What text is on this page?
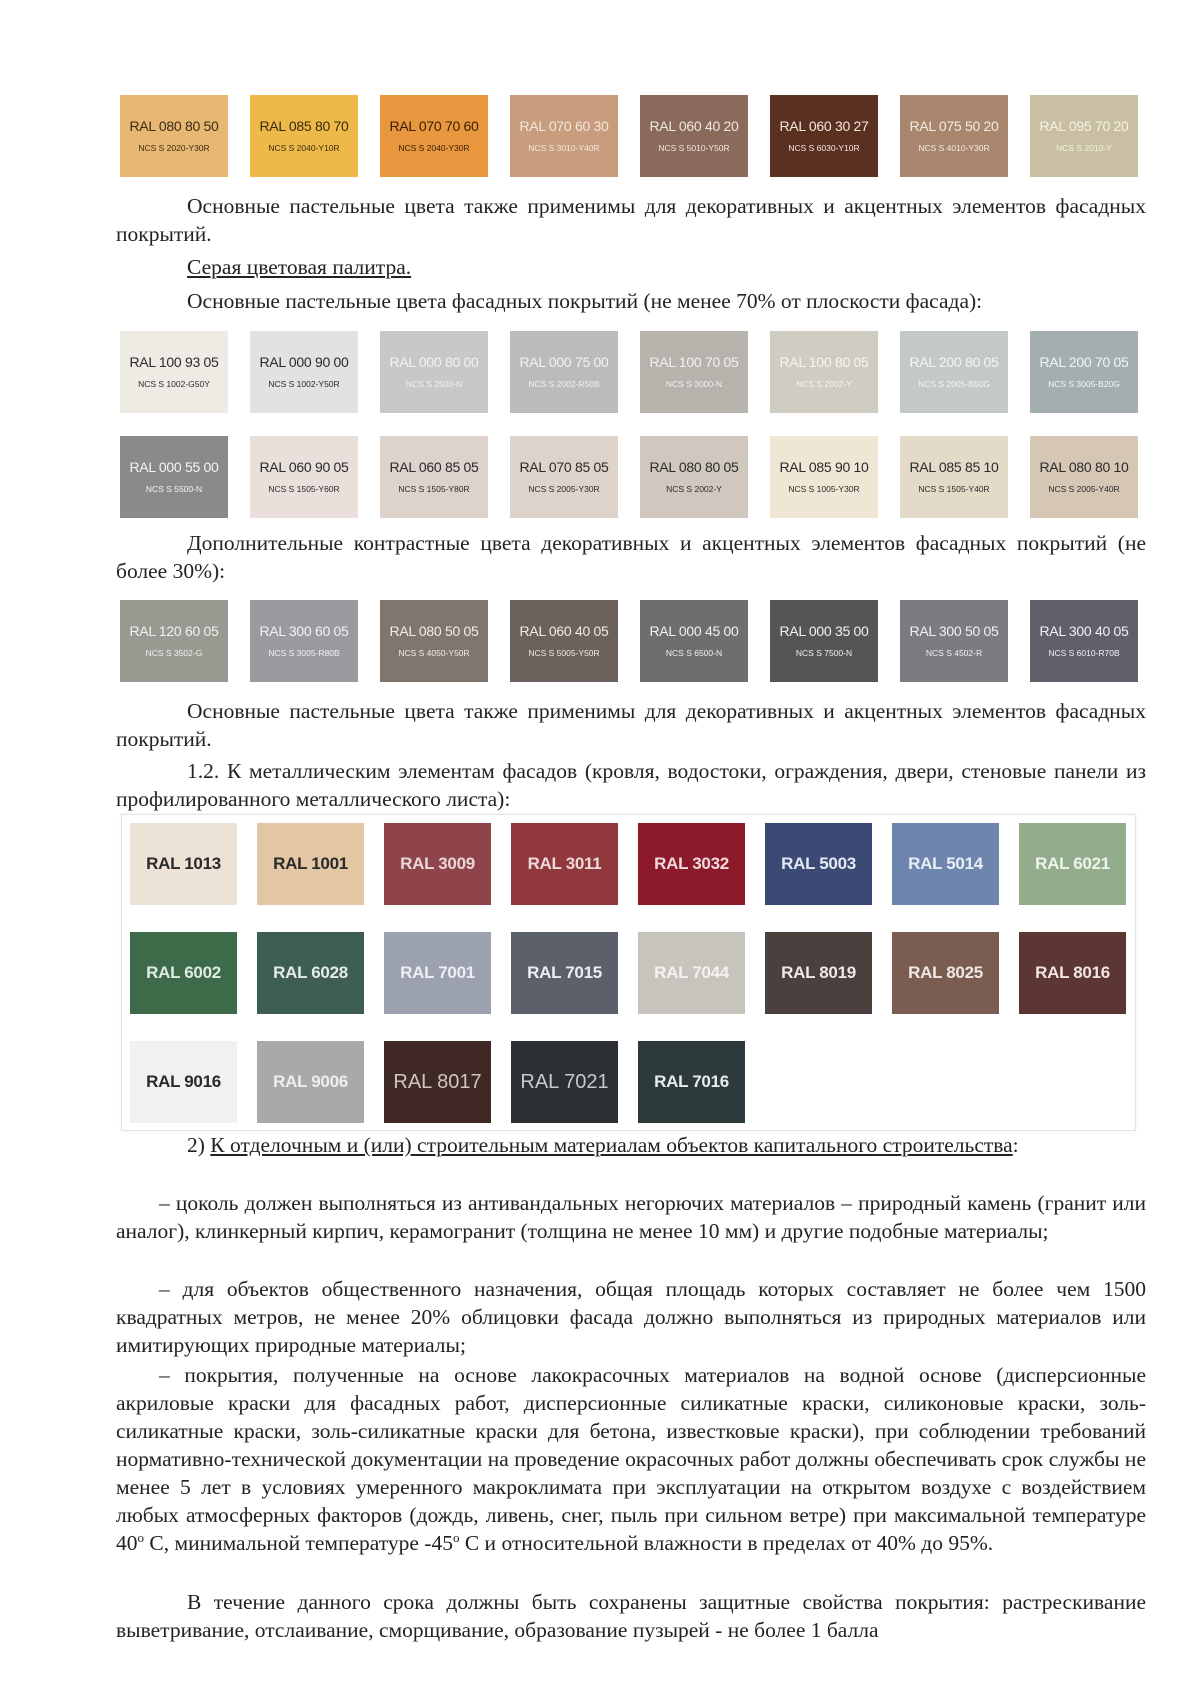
RAL 080 80 50
NCS S 2020-Y30R
RAL 085 80 70
NCS S 2040-Y10R
RAL 070 70 60
NCS S 2040-Y30R
RAL 070 60 30
NCS S 3010-Y40R
RAL 060 40 20
NCS S 5010-Y50R
RAL 060 30 27
NCS S 6030-Y10R
RAL 075 50 20
NCS S 4010-Y30R
RAL 095 70 20
NCS S 2010-Y
Основные пастельные цвета также применимы для декоративных и акцентных элементов фасадных покрытий.
Серая цветовая палитра.
Основные пастельные цвета фасадных покрытий (не менее 70% от плоскости фасада):
RAL 100 93 05
NCS S 1002-G50Y
RAL 000 90 00
NCS S 1002-Y50R
RAL 000 80 00
NCS S 2500-N
RAL 000 75 00
NCS S 2002-R50B
RAL 100 70 05
NCS S 3000-N
RAL 100 80 05
NCS S 2002-Y
RAL 200 80 05
NCS S 2005-B50G
RAL 200 70 05
NCS S 3005-B20G
RAL 000 55 00
NCS S 5500-N
RAL 060 90 05
NCS S 1505-Y60R
RAL 060 85 05
NCS S 1505-Y80R
RAL 070 85 05
NCS S 2005-Y30R
RAL 080 80 05
NCS S 2002-Y
RAL 085 90 10
NCS S 1005-Y30R
RAL 085 85 10
NCS S 1505-Y40R
RAL 080 80 10
NCS S 2005-Y40R
Дополнительные контрастные цвета декоративных и акцентных элементов фасадных покрытий (не более 30%):
RAL 120 60 05
NCS S 3502-G
RAL 300 60 05
NCS S 3005-R80B
RAL 080 50 05
NCS S 4050-Y50R
RAL 060 40 05
NCS S 5005-Y50R
RAL 000 45 00
NCS S 6500-N
RAL 000 35 00
NCS S 7500-N
RAL 300 50 05
NCS S 4502-R
RAL 300 40 05
NCS S 6010-R70B
Основные пастельные цвета также применимы для декоративных и акцентных элементов фасадных покрытий.
1.2. К металлическим элементам фасадов (кровля, водостоки, ограждения, двери, стеновые панели из профилированного металлического листа):
RAL 1013	RAL 1001	RAL 3009	RAL 3011	RAL 3032	RAL 5003	RAL 5014	RAL 6021
RAL 6002	RAL 6028	RAL 7001	RAL 7015	RAL 7044	RAL 8019	RAL 8025	RAL 8016
RAL 9016	RAL 9006	RAL 8017	RAL 7021	RAL 7016
2) К отделочным и (или) строительным материалам объектов капитального строительства:
– цоколь должен выполняться из антивандальных негорючих материалов – природный камень (гранит или аналог), клинкерный кирпич, керамогранит (толщина не менее 10 мм) и другие подобные материалы;
– для объектов общественного назначения, общая площадь которых составляет не более чем 1500 квадратных метров, не менее 20% облицовки фасада должно выполняться из природных материалов или имитирующих природные материалы;
– покрытия, полученные на основе лакокрасочных материалов на водной основе (дисперсионные акриловые краски для фасадных работ, дисперсионные силикатные краски, силиконовые краски, золь-силикатные краски, золь-силикатные краски для бетона, известковые краски), при соблюдении требований нормативно-технической документации на проведение окрасочных работ должны обеспечивать срок службы не менее 5 лет в условиях умеренного макроклимата при эксплуатации на открытом воздухе с воздействием любых атмосферных факторов (дождь, ливень, снег, пыль при сильном ветре) при максимальной температуре 40$^o$ C, минимальной температуре -45$^o$ C и относительной влажности в пределах от 40% до 95%.
В течение данного срока должны быть сохранены защитные свойства покрытия: растрескивание выветривание, отслаивание, сморщивание, образование пузырей - не более 1 балла
